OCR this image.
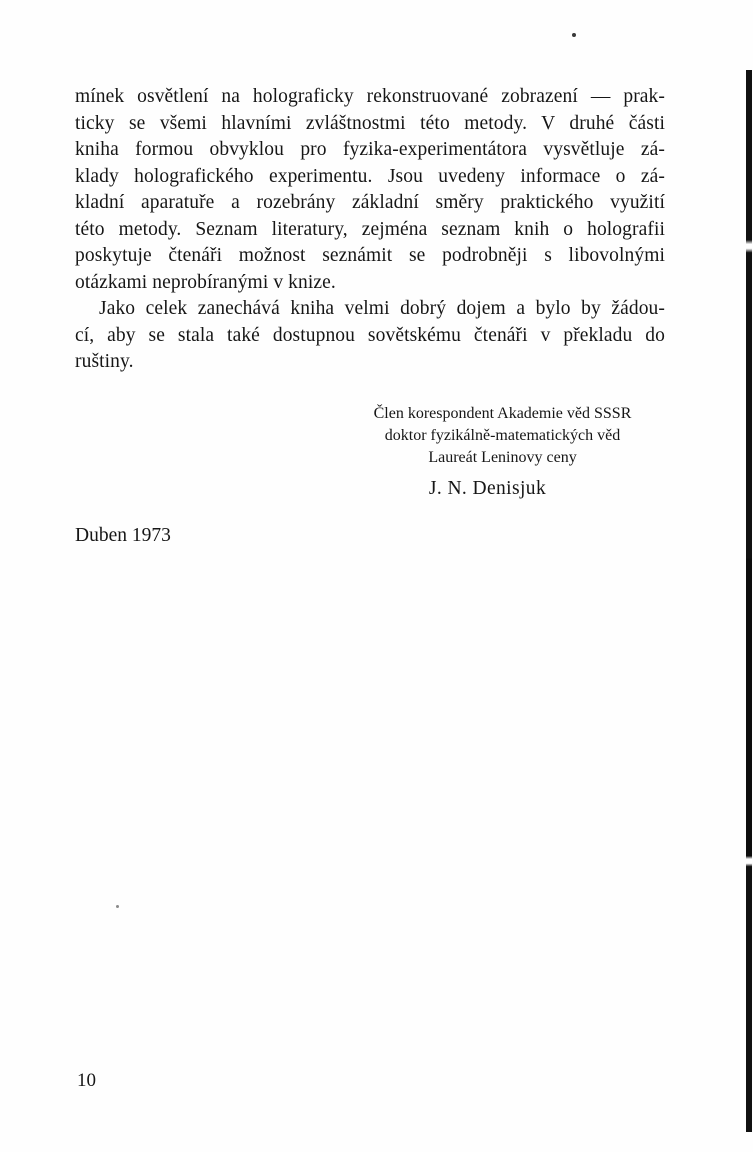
mínek osvětlení na holograficky rekonstruované zobrazení — prak-
ticky se všemi hlavními zvláštnostmi této metody. V druhé části
kniha formou obvyklou pro fyzika-experimentátora vysvětluje zá-
klady holografického experimentu. Jsou uvedeny informace o zá-
kladní aparatuře a rozebrány základní směry praktického využití
této metody. Seznam literatury, zejména seznam knih o holografii
poskytuje čtenáři možnost seznámit se podrobněji s libovolnými
otázkami neprobíranými v knize.
Jako celek zanechává kniha velmi dobrý dojem a bylo by žádou-
cí, aby se stala také dostupnou sovětskému čtenáři v překladu do
ruštiny.
Člen korespondent Akademie věd SSSR
doktor fyzikálně-matematických věd
Laureát Leninovy ceny
J. N. Denisjuk
Duben 1973
10
